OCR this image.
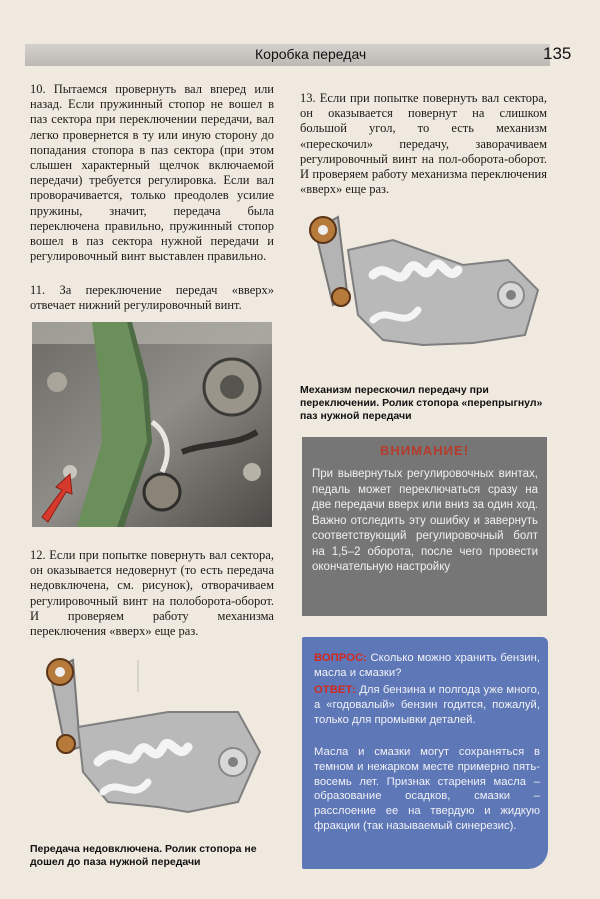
Коробка передач	135

10. Пытаемся провернуть вал вперед или назад. Если пружинный стопор не вошел в паз сектора при переключении передачи, вал легко провернется в ту или иную сторону до попадания стопора в паз сектора (при этом слышен характерный щелчок включаемой передачи) требуется регулировка. Если вал проворачивается, только преодолев усилие пружины, значит, передача была переключена правильно, пружинный стопор вошел в паз сектора нужной передачи и регулировочный винт выставлен правильно.

11. За переключение передач «вверх» отвечает нижний регулировочный винт.

12. Если при попытке повернуть вал сектора, он оказывается недовернут (то есть передача недовключена, см. рисунок), отворачиваем регулировочный винт на полоборота-оборот. И проверяем работу механизма переключения «вверх» еще раз.

Передача недовключена. Ролик стопора не дошел до паза нужной передачи

13. Если при попытке повернуть вал сектора, он оказывается повернут на слишком большой угол, то есть механизм «перескочил» передачу, заворачиваем регулировочный винт на пол-оборота-оборот. И проверяем работу механизма переключения «вверх» еще раз.

Механизм перескочил передачу при переключении. Ролик стопора «перепрыгнул» паз нужной передачи

ВНИМАНИЕ!

При вывернутых регулировочных винтах, педаль может переключаться сразу на две передачи вверх или вниз за один ход. Важно отследить эту ошибку и завернуть соответствующий регулировочный болт на 1,5–2 оборота, после чего провести окончательную настройку

ВОПРОС: Сколько можно хранить бензин, масла и смазки?

ОТВЕТ: Для бензина и полгода уже много, а «годовалый» бензин годится, пожалуй, только для промывки деталей.

Масла и смазки могут сохраняться в темном и нежарком месте примерно пять-восемь лет. Признак старения масла – образование осадков, смазки – расслоение ее на твердую и жидкую фракции (так называемый синерезис).
